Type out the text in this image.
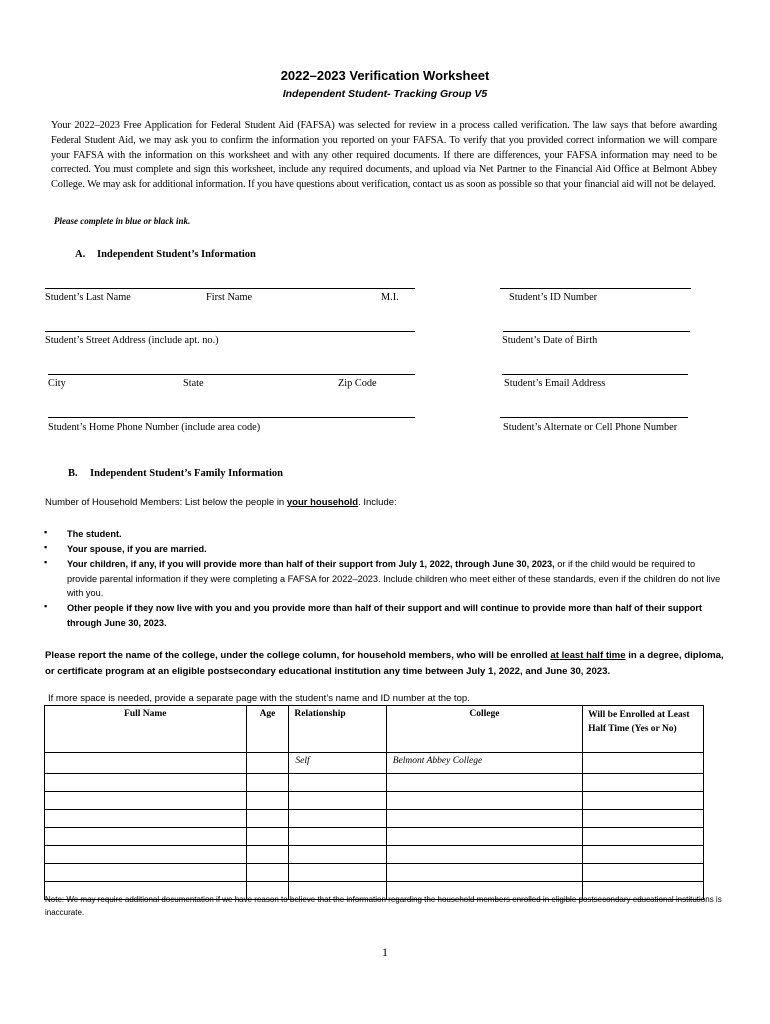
2022–2023 Verification Worksheet
Independent Student- Tracking Group V5
Your 2022–2023 Free Application for Federal Student Aid (FAFSA) was selected for review in a process called verification. The law says that before awarding Federal Student Aid, we may ask you to confirm the information you reported on your FAFSA. To verify that you provided correct information we will compare your FAFSA with the information on this worksheet and with any other required documents. If there are differences, your FAFSA information may need to be corrected. You must complete and sign this worksheet, include any required documents, and upload via Net Partner to the Financial Aid Office at Belmont Abbey College. We may ask for additional information. If you have questions about verification, contact us as soon as possible so that your financial aid will not be delayed.
Please complete in blue or black ink.
A. Independent Student’s Information
Student’s Last Name	First Name	M.I.	Student’s ID Number
Student’s Street Address (include apt. no.)	Student’s Date of Birth
City	State	Zip Code	Student’s Email Address
Student’s Home Phone Number (include area code)	Student’s Alternate or Cell Phone Number
B. Independent Student’s Family Information
Number of Household Members: List below the people in your household. Include:
▪ The student.
▪ Your spouse, if you are married.
▪ Your children, if any, if you will provide more than half of their support from July 1, 2022, through June 30, 2023, or if the child would be required to provide parental information if they were completing a FAFSA for 2022–2023. Include children who meet either of these standards, even if the children do not live with you.
▪ Other people if they now live with you and you provide more than half of their support and will continue to provide more than half of their support through June 30, 2023.
Please report the name of the college, under the college column, for household members, who will be enrolled at least half time in a degree, diploma, or certificate program at an eligible postsecondary educational institution any time between July 1, 2022, and June 30, 2023.
If more space is needed, provide a separate page with the student’s name and ID number at the top.
Full Name	Age	Relationship	College	Will be Enrolled at Least Half Time (Yes or No)
		Self	Belmont Abbey College	

Note: We may require additional documentation if we have reason to believe that the information regarding the household members enrolled in eligible postsecondary educational institutions is inaccurate.
1
